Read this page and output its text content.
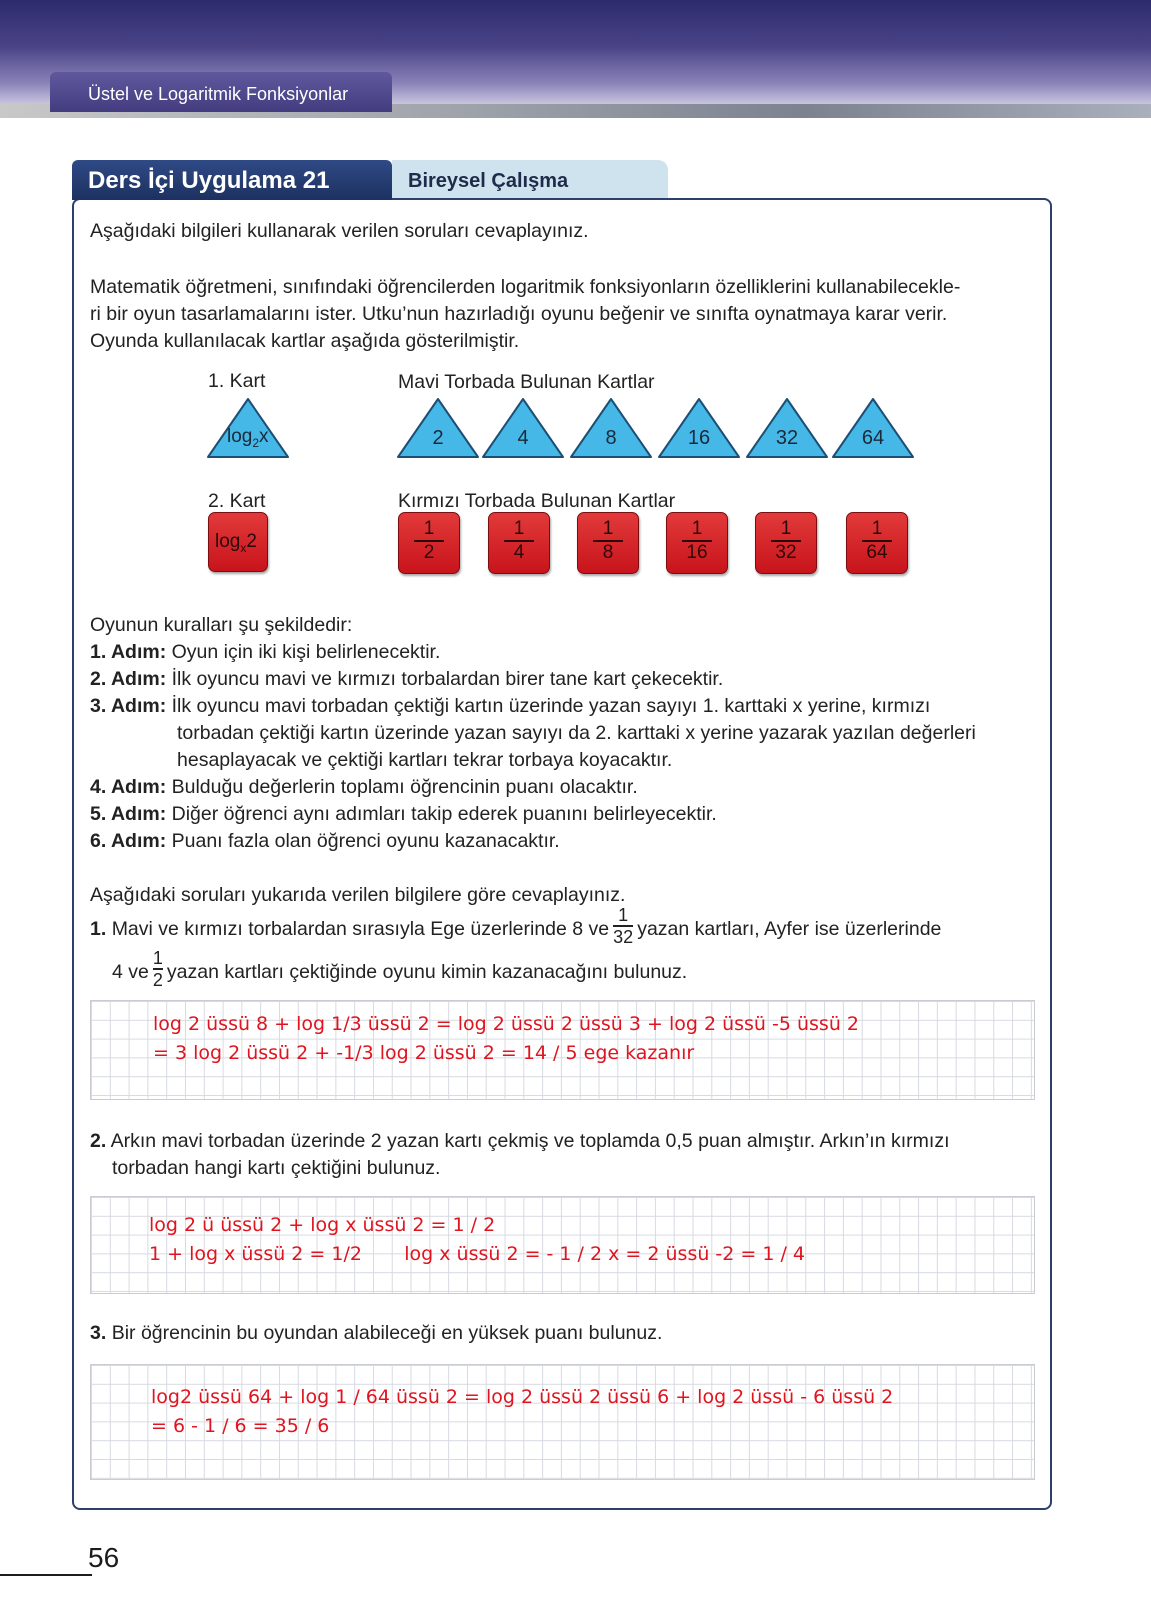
Üstel ve Logaritmik Fonksiyonlar
Ders İçi Uygulama 21	Bireysel Çalışma
Aşağıdaki bilgileri kullanarak verilen soruları cevaplayınız.
Matematik öğretmeni, sınıfındaki öğrencilerden logaritmik fonksiyonların özelliklerini kullanabilecekle-
ri bir oyun tasarlamalarını ister. Utku’nun hazırladığı oyunu beğenir ve sınıfta oynatmaya karar verir.
Oyunda kullanılacak kartlar aşağıda gösterilmiştir.
1. Kart	Mavi Torbada Bulunan Kartlar
$\log_2x$	2	4	8	16	32	64
2. Kart	Kırmızı Torbada Bulunan Kartlar
$\log_x2$
1
2
1
4
1
8
1
16
1
32
1
64
Oyunun kuralları şu şekildedir:
1. Adım: Oyun için iki kişi belirlenecektir.
2. Adım: İlk oyuncu mavi ve kırmızı torbalardan birer tane kart çekecektir.
3. Adım: İlk oyuncu mavi torbadan çektiği kartın üzerinde yazan sayıyı 1. karttaki x yerine, kırmızı
torbadan çektiği kartın üzerinde yazan sayıyı da 2. karttaki x yerine yazarak yazılan değerleri
hesaplayacak ve çektiği kartları tekrar torbaya koyacaktır.
4. Adım: Bulduğu değerlerin toplamı öğrencinin puanı olacaktır.
5. Adım: Diğer öğrenci aynı adımları takip ederek puanını belirleyecektir.
6. Adım: Puanı fazla olan öğrenci oyunu kazanacaktır.
Aşağıdaki soruları yukarıda verilen bilgilere göre cevaplayınız.
1. Mavi ve kırmızı torbalardan sırasıyla Ege üzerlerinde 8 ve $\frac{1}{32}$ yazan kartları, Ayfer ise üzerlerinde
4 ve $\frac{1}{2}$ yazan kartları çektiğinde oyunu kimin kazanacağını bulunuz.
log 2 üssü 8 + log 1/3 üssü 2 = log 2 üssü 2 üssü 3 + log 2 üssü -5 üssü 2
= 3 log 2 üssü 2 + -1/3 log 2 üssü 2 = 14 / 5 ege kazanır
2. Arkın mavi torbadan üzerinde 2 yazan kartı çekmiş ve toplamda 0,5 puan almıştır. Arkın’ın kırmızı
torbadan hangi kartı çektiğini bulunuz.
log 2 ü üssü 2 + log x üssü 2 = 1 / 2
1 + log x üssü 2 = 1/2       log x üssü 2 = - 1 / 2 x = 2 üssü -2 = 1 / 4
3. Bir öğrencinin bu oyundan alabileceği en yüksek puanı bulunuz.
log2 üssü 64 + log 1 / 64 üssü 2 = log 2 üssü 2 üssü 6 + log 2 üssü - 6 üssü 2
= 6 - 1 / 6 = 35 / 6
56
